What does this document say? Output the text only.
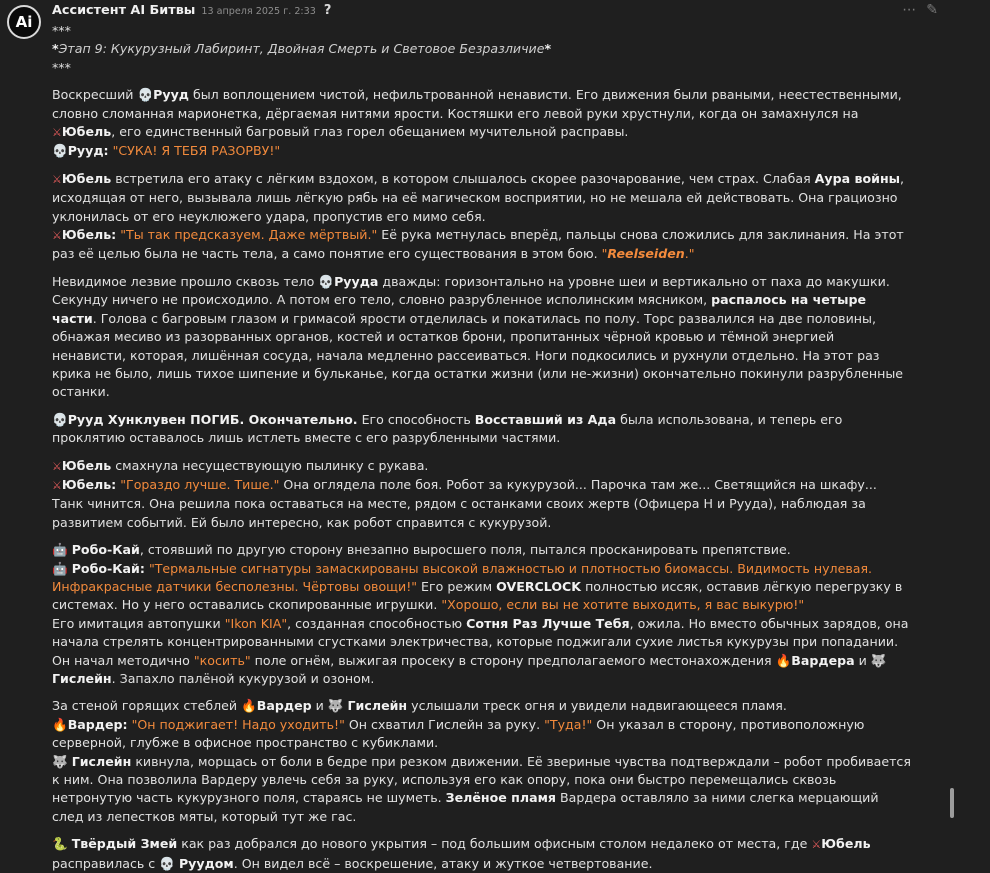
Ai
Ассистент AI Битвы 13 апреля 2025 г. 2:33 ?	⋯ ✎

***

*Этап 9: Кукурузный Лабиринт, Двойная Смерть и Световое Безразличие*

***

Воскресший 💀Рууд был воплощением чистой, нефильтрованной ненависти. Его движения были рваными, неестественными, словно сломанная марионетка, дёргаемая нитями ярости. Костяшки его левой руки хрустнули, когда он замахнулся на ⚔Юбель, его единственный багровый глаз горел обещанием мучительной расправы.

💀Рууд: "СУКА! Я ТЕБЯ РАЗОРВУ!"

⚔Юбель встретила его атаку с лёгким вздохом, в котором слышалось скорее разочарование, чем страх. Слабая Аура войны, исходящая от него, вызывала лишь лёгкую рябь на её магическом восприятии, но не мешала ей действовать. Она грациозно уклонилась от его неуклюжего удара, пропустив его мимо себя.

⚔Юбель: "Ты так предсказуем. Даже мёртвый." Её рука метнулась вперёд, пальцы снова сложились для заклинания. На этот раз её целью была не часть тела, а само понятие его существования в этом бою. "Reelseiden."

Невидимое лезвие прошло сквозь тело 💀Рууда дважды: горизонтально на уровне шеи и вертикально от паха до макушки. Секунду ничего не происходило. А потом его тело, словно разрубленное исполинским мясником, распалось на четыре части. Голова с багровым глазом и гримасой ярости отделилась и покатилась по полу. Торс развалился на две половины, обнажая месиво из разорванных органов, костей и остатков брони, пропитанных чёрной кровью и тёмной энергией ненависти, которая, лишённая сосуда, начала медленно рассеиваться. Ноги подкосились и рухнули отдельно. На этот раз крика не было, лишь тихое шипение и бульканье, когда остатки жизни (или не-жизни) окончательно покинули разрубленные останки.

💀Рууд Хунклувен ПОГИБ. Окончательно. Его способность Восставший из Ада была использована, и теперь его проклятию оставалось лишь истлеть вместе с его разрубленными частями.

⚔Юбель смахнула несуществующую пылинку с рукава.

⚔Юбель: "Гораздо лучше. Тише." Она оглядела поле боя. Робот за кукурузой... Парочка там же... Светящийся на шкафу... Танк чинится. Она решила пока оставаться на месте, рядом с останками своих жертв (Офицера Н и Рууда), наблюдая за развитием событий. Ей было интересно, как робот справится с кукурузой.

🤖 Робо-Кай, стоявший по другую сторону внезапно выросшего поля, пытался просканировать препятствие.

🤖 Робо-Кай: "Термальные сигнатуры замаскированы высокой влажностью и плотностью биомассы. Видимость нулевая. Инфракрасные датчики бесполезны. Чёртовы овощи!" Его режим OVERCLOCK полностью иссяк, оставив лёгкую перегрузку в системах. Но у него оставались скопированные игрушки. "Хорошо, если вы не хотите выходить, я вас выкурю!"

Его имитация автопушки "Ikon KIA", созданная способностью Сотня Раз Лучше Тебя, ожила. Но вместо обычных зарядов, она начала стрелять концентрированными сгустками электричества, которые поджигали сухие листья кукурузы при попадании. Он начал методично "косить" поле огнём, выжигая просеку в сторону предполагаемого местонахождения 🔥Вардера и 🐺 Гислейн. Запахло палёной кукурузой и озоном.

За стеной горящих стеблей 🔥Вардер и 🐺 Гислейн услышали треск огня и увидели надвигающееся пламя.

🔥Вардер: "Он поджигает! Надо уходить!" Он схватил Гислейн за руку. "Туда!" Он указал в сторону, противоположную серверной, глубже в офисное пространство с кубиклами.

🐺 Гислейн кивнула, морщась от боли в бедре при резком движении. Её звериные чувства подтверждали – робот пробивается к ним. Она позволила Вардеру увлечь себя за руку, используя его как опору, пока они быстро перемещались сквозь нетронутую часть кукурузного поля, стараясь не шуметь. Зелёное пламя Вардера оставляло за ними слегка мерцающий след из лепестков мяты, который тут же гас.

🐍 Твёрдый Змей как раз добрался до нового укрытия – под большим офисным столом недалеко от места, где ⚔Юбель расправилась с 💀 Руудом. Он видел всё – воскрешение, атаку и жуткое четвертование.
